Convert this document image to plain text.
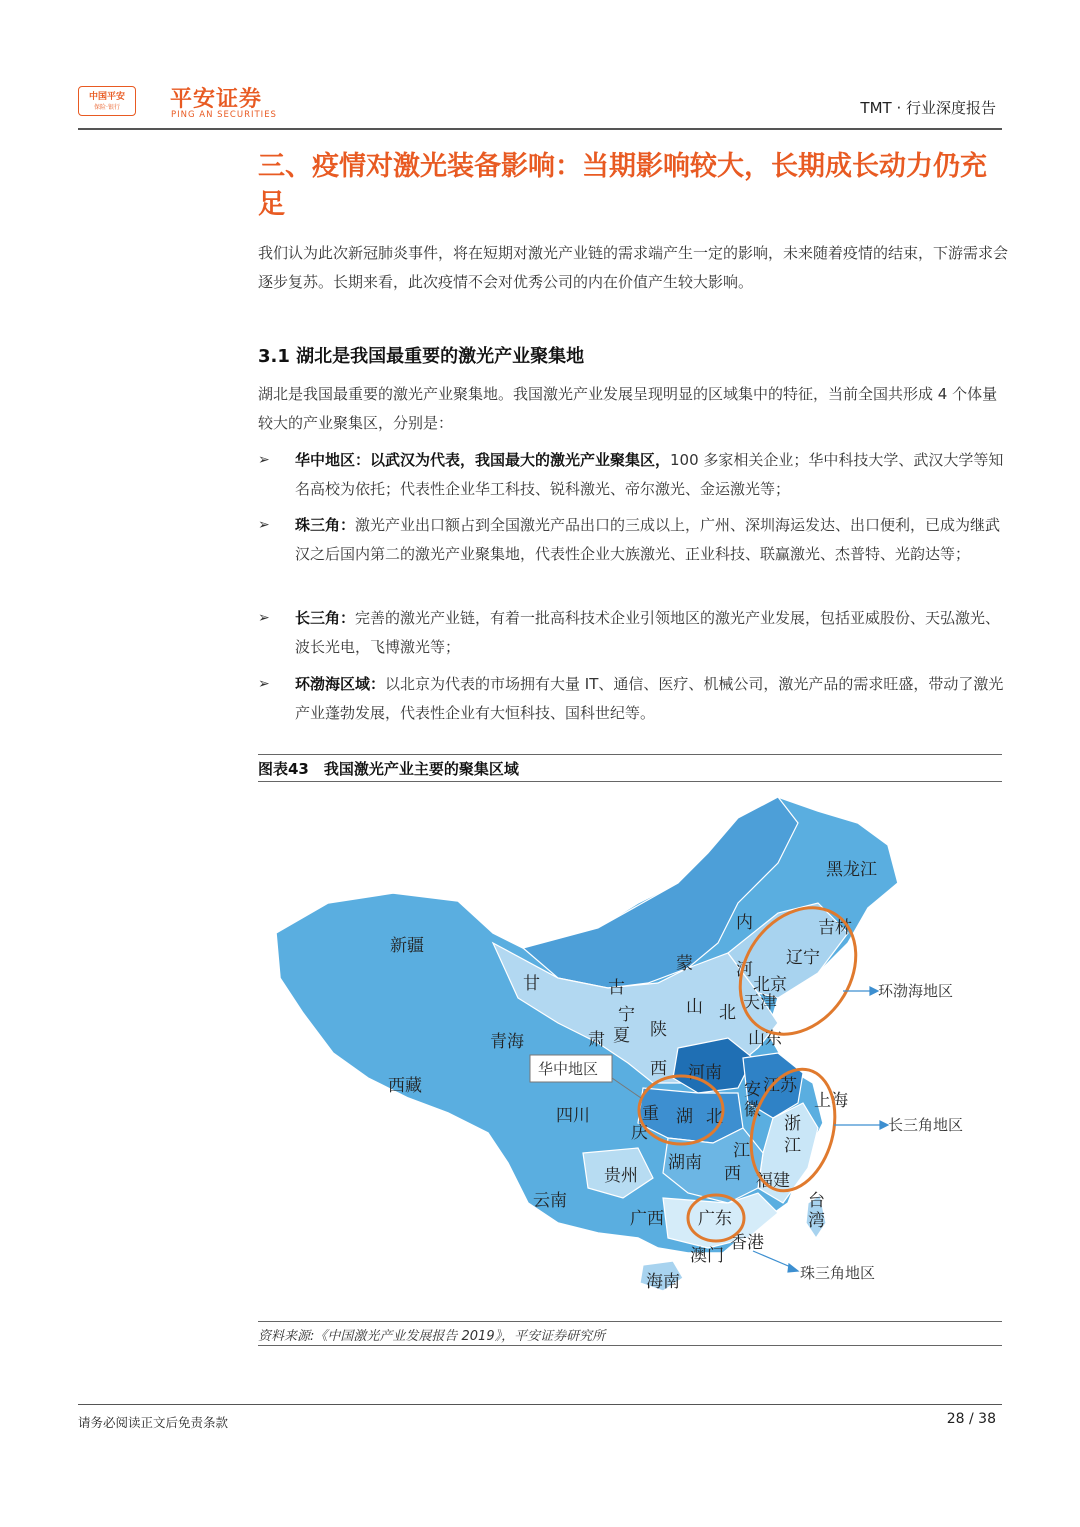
中国平安
保险·银行	平安证券
PING AN SECURITIES	TMT · 行业深度报告
三、疫情对激光装备影响：当期影响较大，长期成长动力仍充足
我们认为此次新冠肺炎事件，将在短期对激光产业链的需求端产生一定的影响，未来随着疫情的结束，下游需求会逐步复苏。长期来看，此次疫情不会对优秀公司的内在价值产生较大影响。
3.1 湖北是我国最重要的激光产业聚集地
湖北是我国最重要的激光产业聚集地。我国激光产业发展呈现明显的区域集中的特征，当前全国共形成 4 个体量较大的产业聚集区，分别是：
➢ 华中地区：以武汉为代表，我国最大的激光产业聚集区，100 多家相关企业；华中科技大学、武汉大学等知名高校为依托；代表性企业华工科技、锐科激光、帝尔激光、金运激光等；
➢ 珠三角：激光产业出口额占到全国激光产品出口的三成以上，广州、深圳海运发达、出口便利，已成为继武汉之后国内第二的激光产业聚集地，代表性企业大族激光、正业科技、联赢激光、杰普特、光韵达等；
➢ 长三角：完善的激光产业链，有着一批高科技术企业引领地区的激光产业发展，包括亚威股份、天弘激光、波长光电，飞博激光等；
➢ 环渤海区域：以北京为代表的市场拥有大量 IT、通信、医疗、机械公司，激光产品的需求旺盛，带动了激光产业蓬勃发展，代表性企业有大恒科技、国科世纪等。
图表43　我国激光产业主要的聚集区域
黑龙江
吉林
内
辽宁
新疆
蒙	河
北京
天津
甘	古
宁	山 北
山东
青海	肃 夏 陕
西 河南
江苏
安
徽	上海
西藏
四川	重
庆
湖 北	浙
江
湖南
江
西 福建
贵州
台
湾
云南
广西 广东
香港
澳门
海南
环渤海地区
华中地区
长三角地区
珠三角地区
资料来源:《中国激光产业发展报告 2019》，平安证券研究所
请务必阅读正文后免责条款	28 / 38
